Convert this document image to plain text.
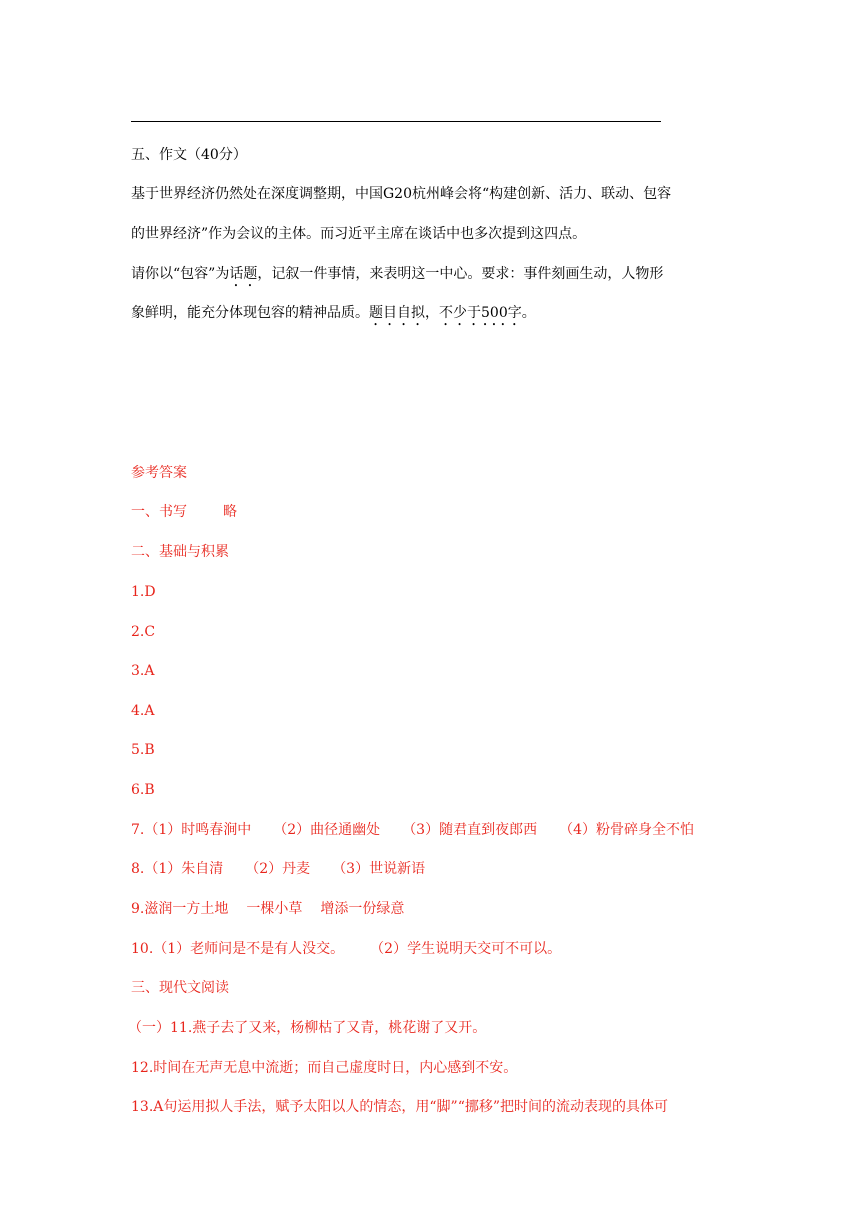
五、作文（40分）
基于世界经济仍然处在深度调整期，中国G20杭州峰会将“构建创新、活力、联动、包容
的世界经济”作为会议的主体。而习近平主席在谈话中也多次提到这四点。
请你以“包容”为话题，记叙一件事情，来表明这一中心。要求：事件刻画生动，人物形
象鲜明，能充分体现包容的精神品质。题目自拟，不少于500字。
参考答案
一、书写	略
二、基础与积累
1.D
2.C
3.A
4.A
5.B
6.B
7.（1）时鸣春涧中 （2）曲径通幽处 （3）随君直到夜郎西 （4）粉骨碎身全不怕
8.（1）朱自清 （2）丹麦 （3）世说新语
9.滋润一方土地 一棵小草 增添一份绿意
10.（1）老师问是不是有人没交。 （2）学生说明天交可不可以。
三、现代文阅读
（一）11.燕子去了又来，杨柳枯了又青，桃花谢了又开。
12.时间在无声无息中流逝；而自己虚度时日，内心感到不安。
13.A句运用拟人手法，赋予太阳以人的情态，用“脚”“挪移”把时间的流动表现的具体可
